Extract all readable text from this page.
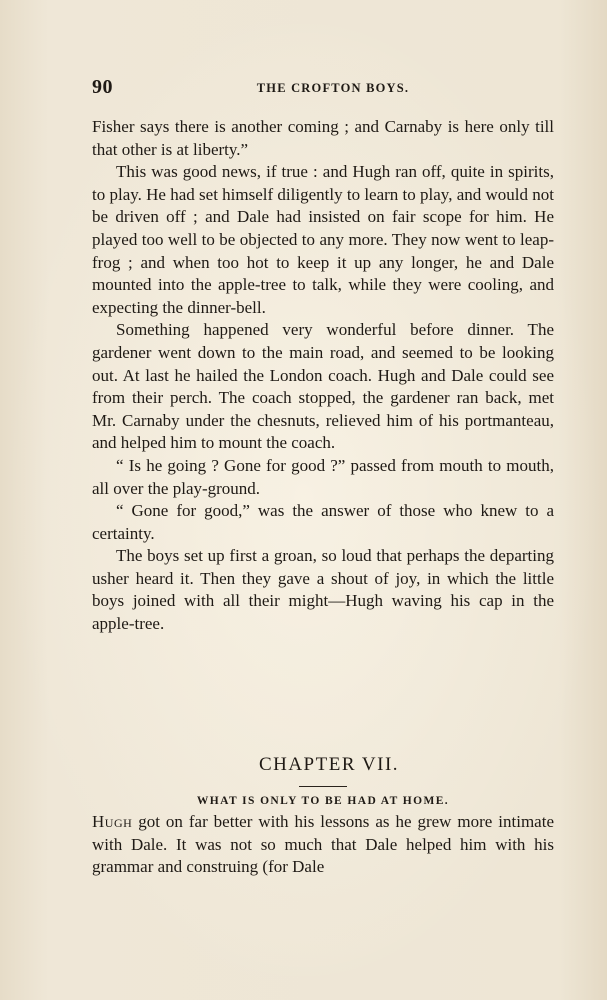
90	THE CROFTON BOYS.

Fisher says there is another coming ; and Carnaby is here only till that other is at liberty.”

This was good news, if true : and Hugh ran off, quite in spirits, to play. He had set himself diligently to learn to play, and would not be driven off ; and Dale had insisted on fair scope for him. He played too well to be objected to any more. They now went to leap-frog ; and when too hot to keep it up any longer, he and Dale mounted into the apple-tree to talk, while they were cooling, and expecting the dinner-bell.

Something happened very wonderful before dinner. The gardener went down to the main road, and seemed to be looking out. At last he hailed the London coach. Hugh and Dale could see from their perch. The coach stopped, the gardener ran back, met Mr. Carnaby under the chesnuts, relieved him of his portmanteau, and helped him to mount the coach.

“ Is he going ? Gone for good ?” passed from mouth to mouth, all over the play-ground.

“ Gone for good,” was the answer of those who knew to a certainty.

The boys set up first a groan, so loud that perhaps the departing usher heard it. Then they gave a shout of joy, in which the little boys joined with all their might—Hugh waving his cap in the apple-tree.

CHAPTER VII.
WHAT IS ONLY TO BE HAD AT HOME.

Hugh got on far better with his lessons as he grew more intimate with Dale. It was not so much that Dale helped him with his grammar and construing (for Dale
